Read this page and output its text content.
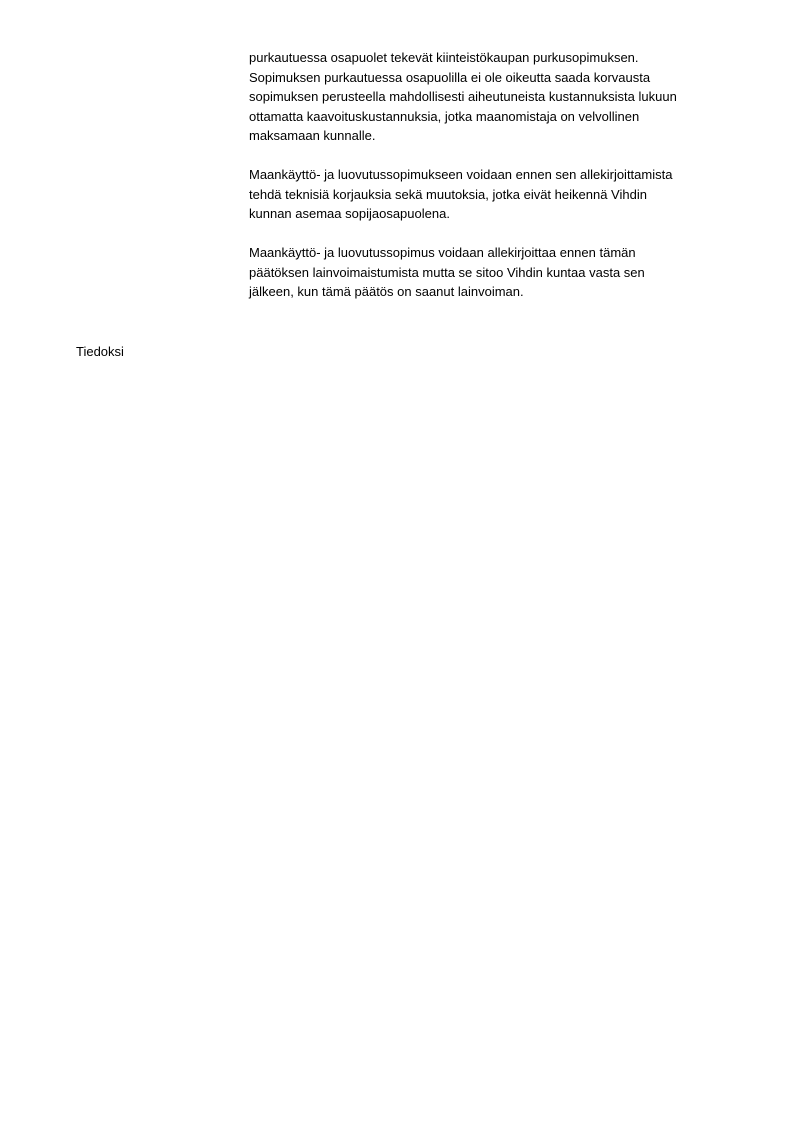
purkautuessa osapuolet tekevät kiinteistökaupan purkusopimuksen.
Sopimuksen purkautuessa osapuolilla ei ole oikeutta saada korvausta
sopimuksen perusteella mahdollisesti aiheutuneista kustannuksista lukuun
ottamatta kaavoituskustannuksia, jotka maanomistaja on velvollinen
maksamaan kunnalle.

Maankäyttö- ja luovutussopimukseen voidaan ennen sen allekirjoittamista
tehdä teknisiä korjauksia sekä muutoksia, jotka eivät heikennä Vihdin
kunnan asemaa sopijaosapuolena.

Maankäyttö- ja luovutussopimus voidaan allekirjoittaa ennen tämän
päätöksen lainvoimaistumista mutta se sitoo Vihdin kuntaa vasta sen
jälkeen, kun tämä päätös on saanut lainvoiman.

Tiedoksi
